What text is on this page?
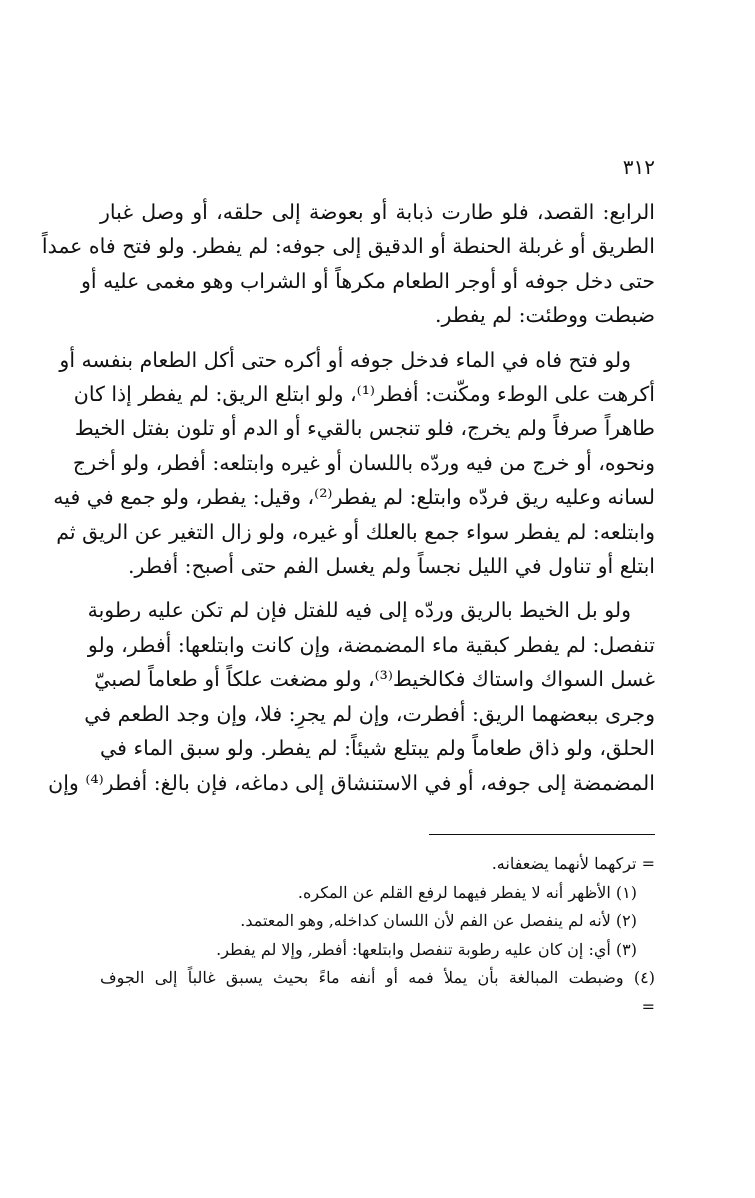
٣١٢

الرابع: القصد، فلو طارت ذبابة أو بعوضة إلى حلقه، أو وصل غبار
الطريق أو غربلة الحنطة أو الدقيق إلى جوفه: لم يفطر. ولو فتح فاه عمداً
حتى دخل جوفه أو أوجر الطعام مكرهاً أو الشراب وهو مغمى عليه أو
ضبطت ووطئت: لم يفطر.

ولو فتح فاه في الماء فدخل جوفه أو أكره حتى أكل الطعام بنفسه أو
أكرهت على الوطء ومكّنت: أفطر⁽¹⁾، ولو ابتلع الريق: لم يفطر إذا كان
طاهراً صرفاً ولم يخرج، فلو تنجس بالقيء أو الدم أو تلون بفتل الخيط
ونحوه، أو خرج من فيه وردّه باللسان أو غيره وابتلعه: أفطر، ولو أخرج
لسانه وعليه ريق فردّه وابتلع: لم يفطر⁽²⁾، وقيل: يفطر، ولو جمع في فيه
وابتلعه: لم يفطر سواء جمع بالعلك أو غيره، ولو زال التغير عن الريق ثم
ابتلع أو تناول في الليل نجساً ولم يغسل الفم حتى أصبح: أفطر.

ولو بل الخيط بالريق وردّه إلى فيه للفتل فإن لم تكن عليه رطوبة
تنفصل: لم يفطر كبقية ماء المضمضة، وإن كانت وابتلعها: أفطر، ولو
غسل السواك واستاك فكالخيط⁽³⁾، ولو مضغت علكاً أو طعاماً لصبيّ
وجرى ببعضهما الريق: أفطرت، وإن لم يجرِ: فلا، وإن وجد الطعم في
الحلق، ولو ذاق طعاماً ولم يبتلع شيئاً: لم يفطر. ولو سبق الماء في
المضمضة إلى جوفه، أو في الاستنشاق إلى دماغه، فإن بالغ: أفطر⁽⁴⁾ وإن

= تركهما لأنهما يضعفانه.
(١) الأظهر أنه لا يفطر فيهما لرفع القلم عن المكره.
(٢) لأنه لم ينفصل عن الفم لأن اللسان كداخله, وهو المعتمد.
(٣) أي: إن كان عليه رطوبة تنفصل وابتلعها: أفطر, وإلا لم يفطر.
(٤) وضبطت المبالغة بأن يملأ فمه أو أنفه ماءً بحيث يسبق غالباً إلى الجوف
=
